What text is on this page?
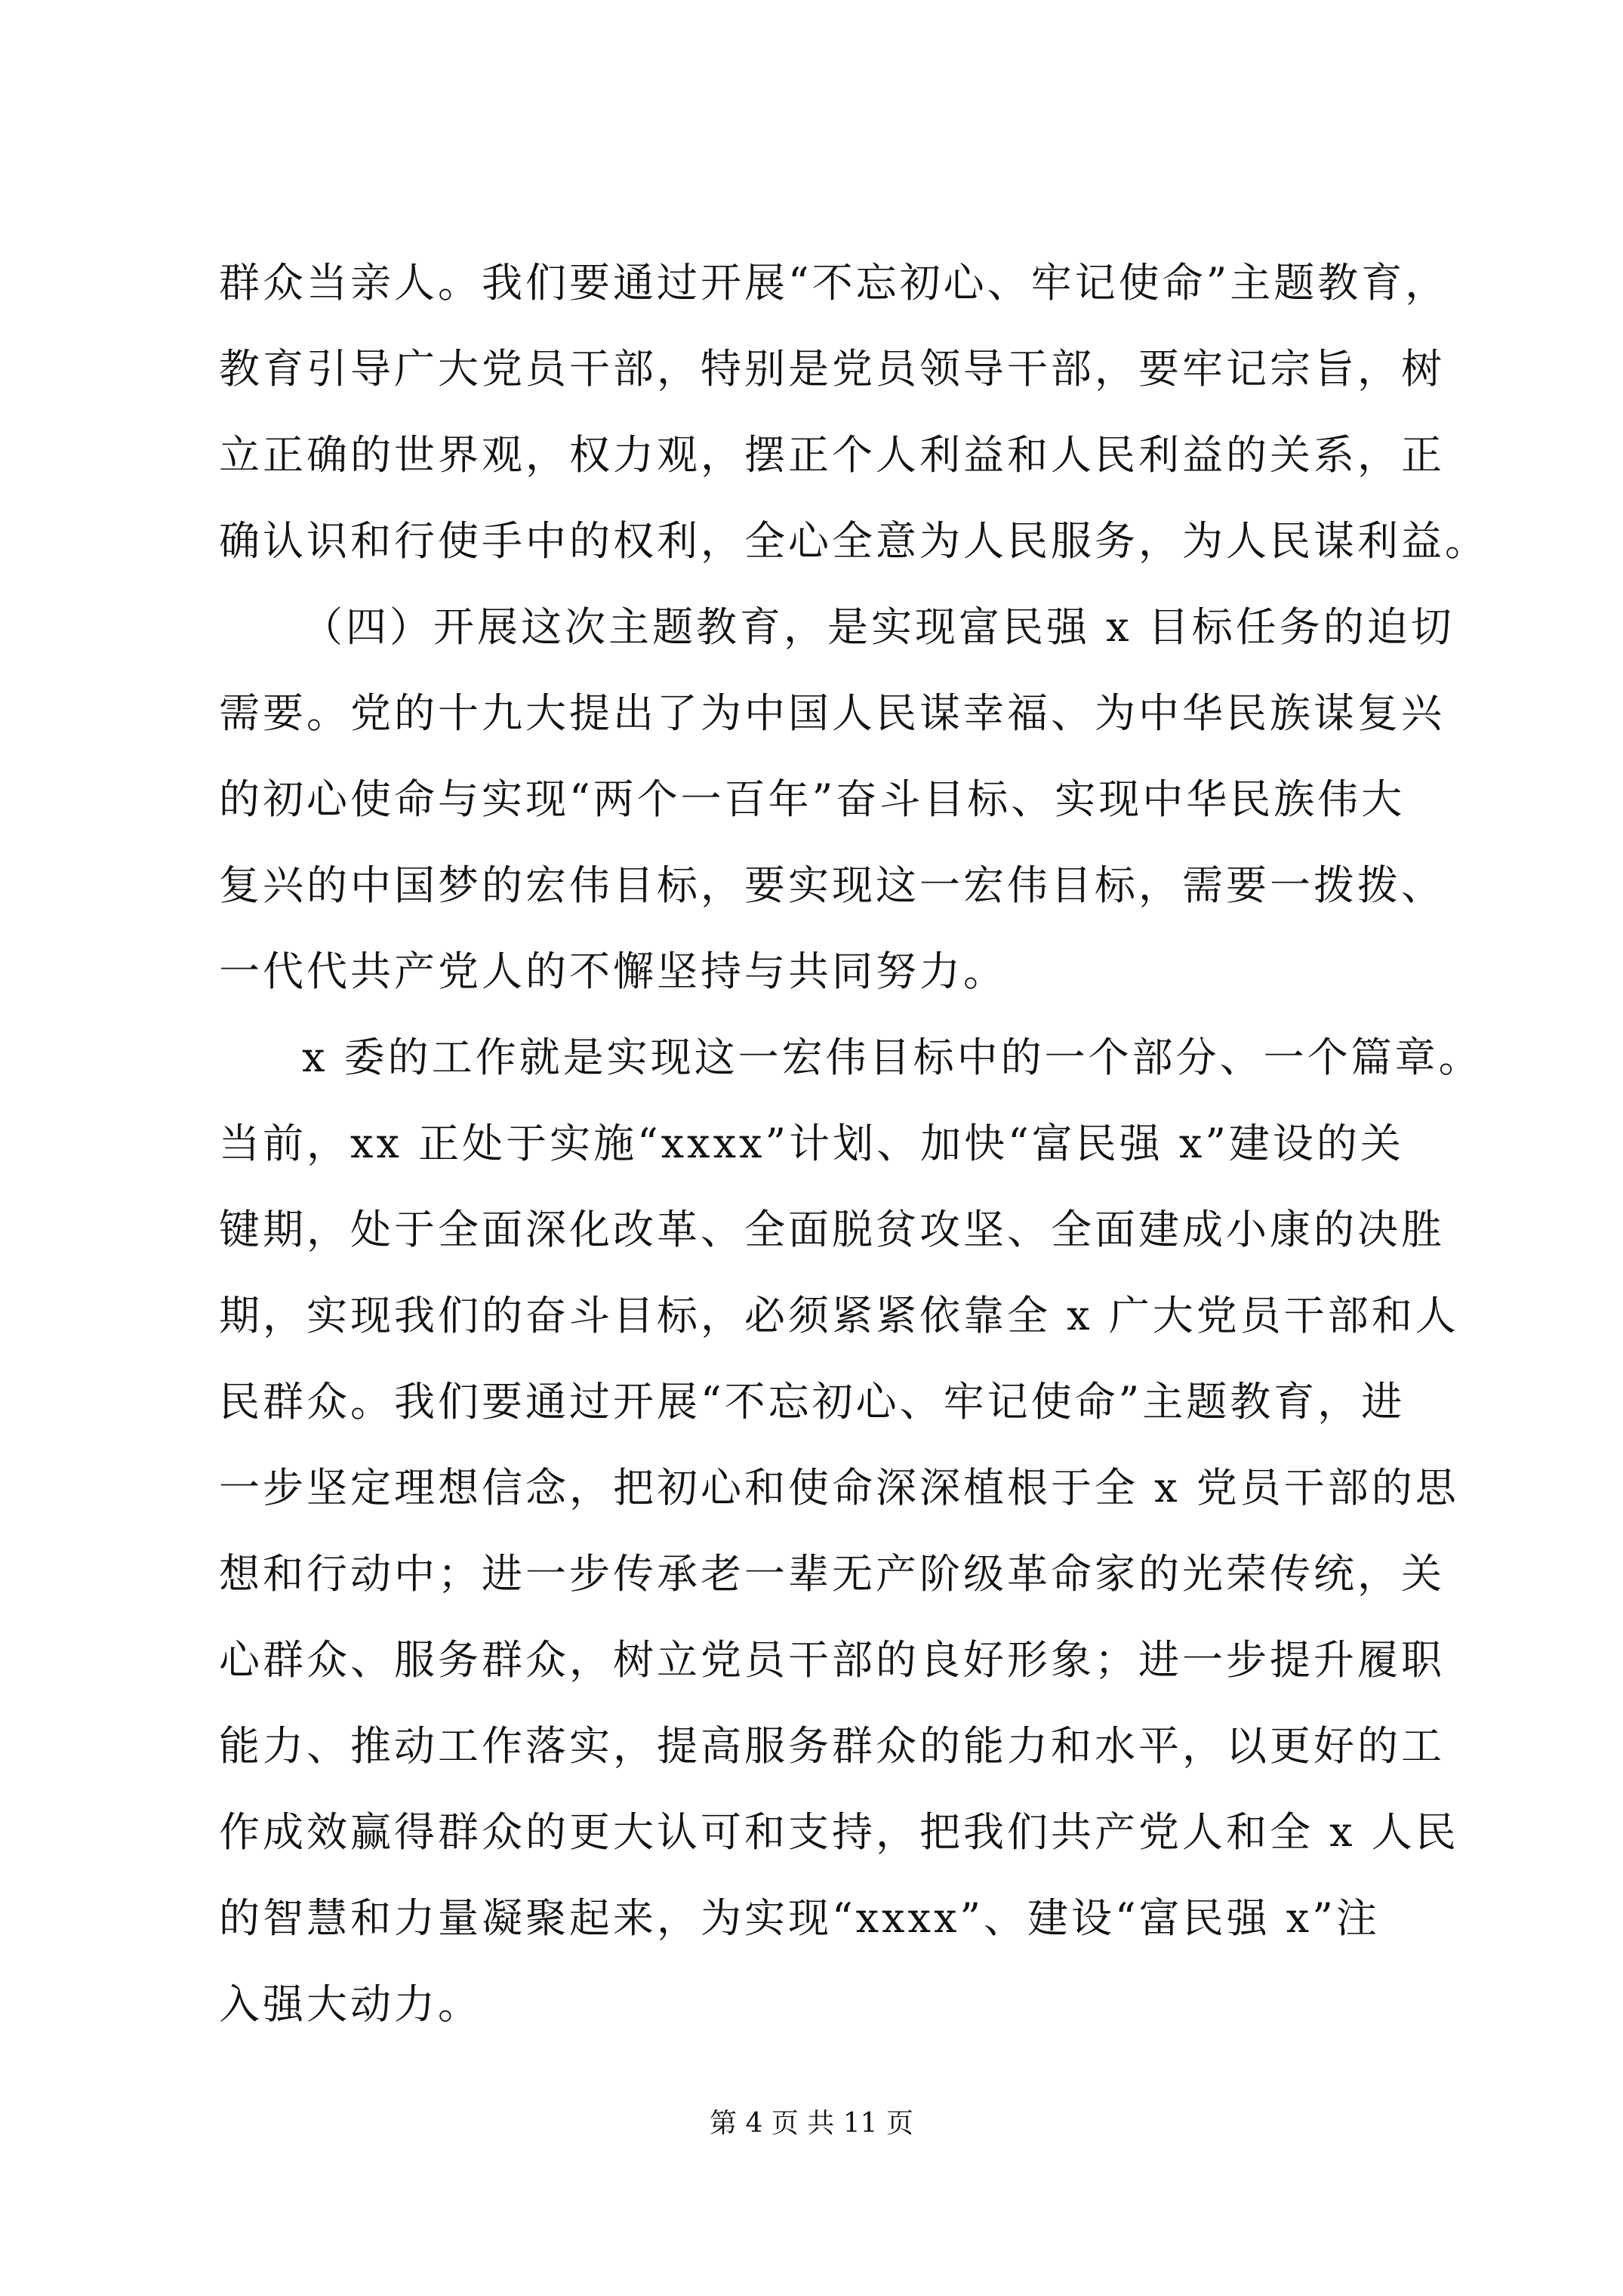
群众当亲人。我们要通过开展“不忘初心、牢记使命”主题教育，
教育引导广大党员干部，特别是党员领导干部，要牢记宗旨，树
立正确的世界观，权力观，摆正个人利益和人民利益的关系，正
确认识和行使手中的权利，全心全意为人民服务，为人民谋利益。
（四）开展这次主题教育，是实现富民强 x 目标任务的迫切
需要。党的十九大提出了为中国人民谋幸福、为中华民族谋复兴
的初心使命与实现“两个一百年”奋斗目标、实现中华民族伟大
复兴的中国梦的宏伟目标，要实现这一宏伟目标，需要一拨拨、
一代代共产党人的不懈坚持与共同努力。
x 委的工作就是实现这一宏伟目标中的一个部分、一个篇章。
当前，xx 正处于实施“xxxx”计划、加快“富民强 x”建设的关
键期，处于全面深化改革、全面脱贫攻坚、全面建成小康的决胜
期，实现我们的奋斗目标，必须紧紧依靠全 x 广大党员干部和人
民群众。我们要通过开展“不忘初心、牢记使命”主题教育，进
一步坚定理想信念，把初心和使命深深植根于全 x 党员干部的思
想和行动中；进一步传承老一辈无产阶级革命家的光荣传统，关
心群众、服务群众，树立党员干部的良好形象；进一步提升履职
能力、推动工作落实，提高服务群众的能力和水平，以更好的工
作成效赢得群众的更大认可和支持，把我们共产党人和全 x 人民
的智慧和力量凝聚起来，为实现“xxxx”、建设“富民强 x”注
入强大动力。
第 4 页 共 11 页
